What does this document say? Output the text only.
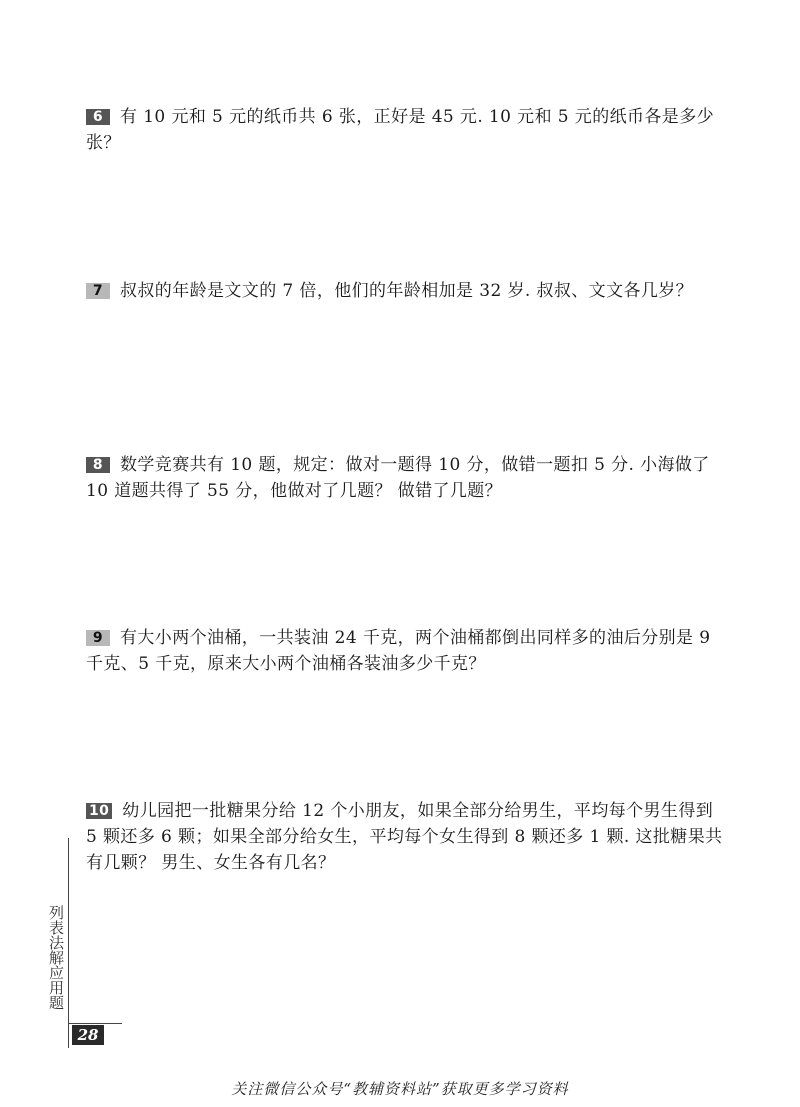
6 有 10 元和 5 元的纸币共 6 张，正好是 45 元. 10 元和 5 元的纸币各是多少张？
7 叔叔的年龄是文文的 7 倍，他们的年龄相加是 32 岁. 叔叔、文文各几岁？
8 数学竞赛共有 10 题，规定：做对一题得 10 分，做错一题扣 5 分. 小海做了 10 道题共得了 55 分，他做对了几题？ 做错了几题？
9 有大小两个油桶，一共装油 24 千克，两个油桶都倒出同样多的油后分别是 9 千克、5 千克，原来大小两个油桶各装油多少千克？
10 幼儿园把一批糖果分给 12 个小朋友，如果全部分给男生，平均每个男生得到 5 颗还多 6 颗；如果全部分给女生，平均每个女生得到 8 颗还多 1 颗. 这批糖果共有几颗？ 男生、女生各有几名？
列表法解应用题
28
关注微信公众号“教辅资料站”获取更多学习资料
